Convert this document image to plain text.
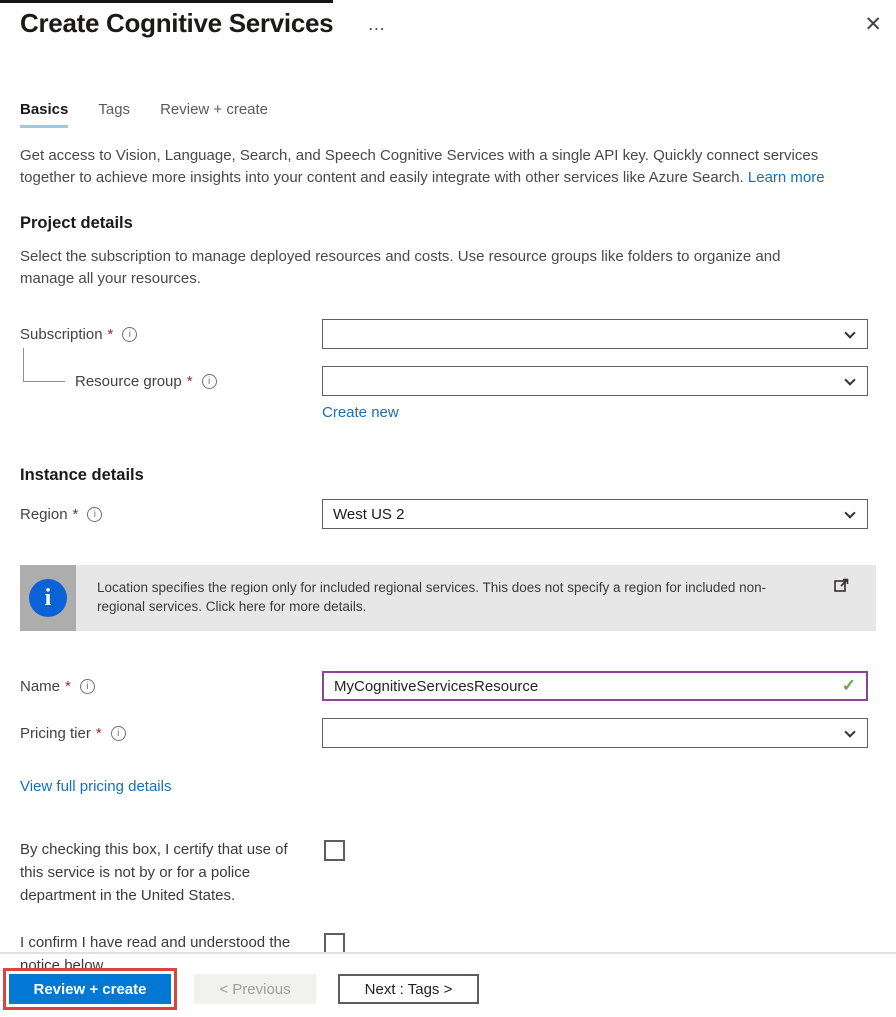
Create Cognitive Services …	✕
Basics Tags Review + create

Get access to Vision, Language, Search, and Speech Cognitive Services with a single API key. Quickly connect services together to achieve more insights into your content and easily integrate with other services like Azure Search. Learn more

Project details

Select the subscription to manage deployed resources and costs. Use resource groups like folders to organize and manage all your resources.

Subscription *
i
Resource group *
i
Create new
Instance details
Region * i	West US 2
i

Location specifies the region only for included regional services. This does not specify a region for included non-regional services. Click here for more details.

Name * i	MyCognitiveServicesResource
✓
Pricing tier *
i
View full pricing details

By checking this box, I certify that use of this service is not by or for a police department in the United States.

I confirm I have read and understood the notice below.

Review + create	< Previous	Next : Tags >
